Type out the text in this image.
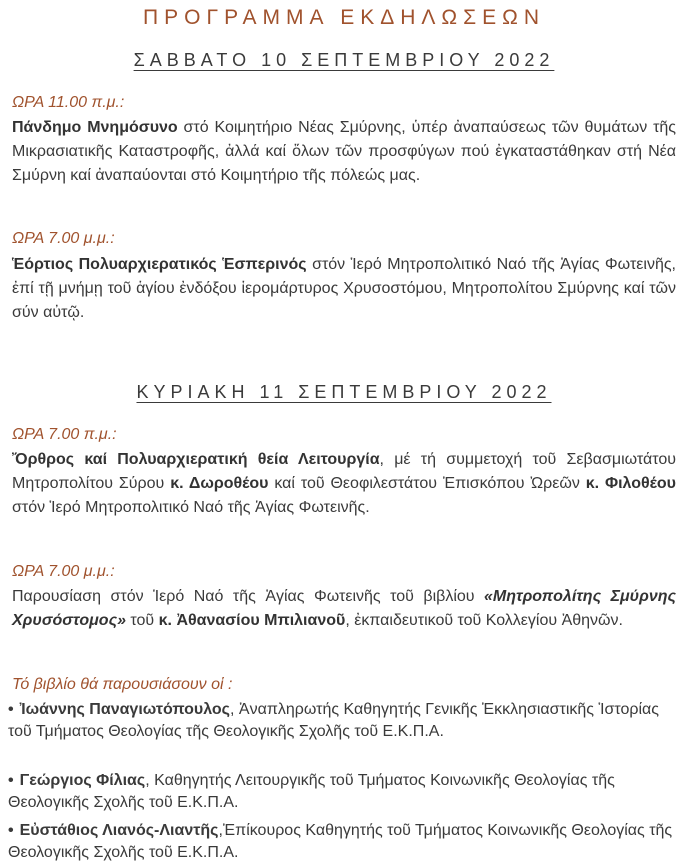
ΠΡΟΓΡΑΜΜΑ ΕΚΔΗΛΩΣΕΩΝ
ΣΑΒΒΑΤΟ 10 ΣΕΠΤΕΜΒΡΙΟΥ 2022
ΩΡΑ 11.00 π.μ.:
Πάνδημο Μνημόσυνο στό Κοιμητήριο Νέας Σμύρνης, ὑπέρ ἀναπαύσεως τῶν θυμάτων τῆς Μικρασιατικῆς Καταστροφῆς, ἀλλά καί ὅλων τῶν προσφύγων πού ἐγκαταστάθηκαν στή Νέα Σμύρνη καί ἀναπαύονται στό Κοιμητήριο τῆς πόλεώς μας.
ΩΡΑ 7.00 μ.μ.:
Ἑόρτιος Πολυαρχιερατικός Ἑσπερινός στόν Ἱερό Μητροπολιτικό Ναό τῆς Ἁγίας Φωτεινῆς, ἐπί τῇ μνήμῃ τοῦ ἁγίου ἐνδόξου ἱερομάρτυρος Χρυσοστόμου, Μητροπολίτου Σμύρνης καί τῶν σύν αὐτῷ.
ΚΥΡΙΑΚΗ 11 ΣΕΠΤΕΜΒΡΙΟΥ 2022
ΩΡΑ 7.00 π.μ.:
Ὄρθρος καί Πολυαρχιερατική θεία Λειτουργία, μέ τή συμμετοχή τοῦ Σεβασμιωτάτου Μητροπολίτου Σύρου κ. Δωροθέου καί τοῦ Θεοφιλεστάτου Ἐπισκόπου Ὠρεῶν κ. Φιλοθέου στόν Ἱερό Μητροπολιτικό Ναό τῆς Ἁγίας Φωτεινῆς.
ΩΡΑ 7.00 μ.μ.:
Παρουσίαση στόν Ἱερό Ναό τῆς Ἁγίας Φωτεινῆς τοῦ βιβλίου «Μητροπολίτης Σμύρνης Χρυσόστομος» τοῦ κ. Ἀθανασίου Μπιλιανοῦ, ἐκπαιδευτικοῦ τοῦ Κολλεγίου Ἀθηνῶν.
Τό βιβλίο θά παρουσιάσουν οἱ :
• Ἰωάννης Παναγιωτόπουλος, Ἀναπληρωτής Καθηγητής Γενικῆς Ἐκκλησιαστικῆς Ἱστορίας τοῦ Τμήματος Θεολογίας τῆς Θεολογικῆς Σχολῆς τοῦ Ε.Κ.Π.Α.
• Γεώργιος Φίλιας, Καθηγητής Λειτουργικῆς τοῦ Τμήματος Κοινωνικῆς Θεολογίας τῆς Θεολογικῆς Σχολῆς τοῦ Ε.Κ.Π.Α.
• Εὐστάθιος Λιανός-Λιαντῆς,Ἐπίκουρος Καθηγητής τοῦ Τμήματος Κοινωνικῆς Θεολογίας τῆς Θεολογικῆς Σχολῆς τοῦ Ε.Κ.Π.Α.
